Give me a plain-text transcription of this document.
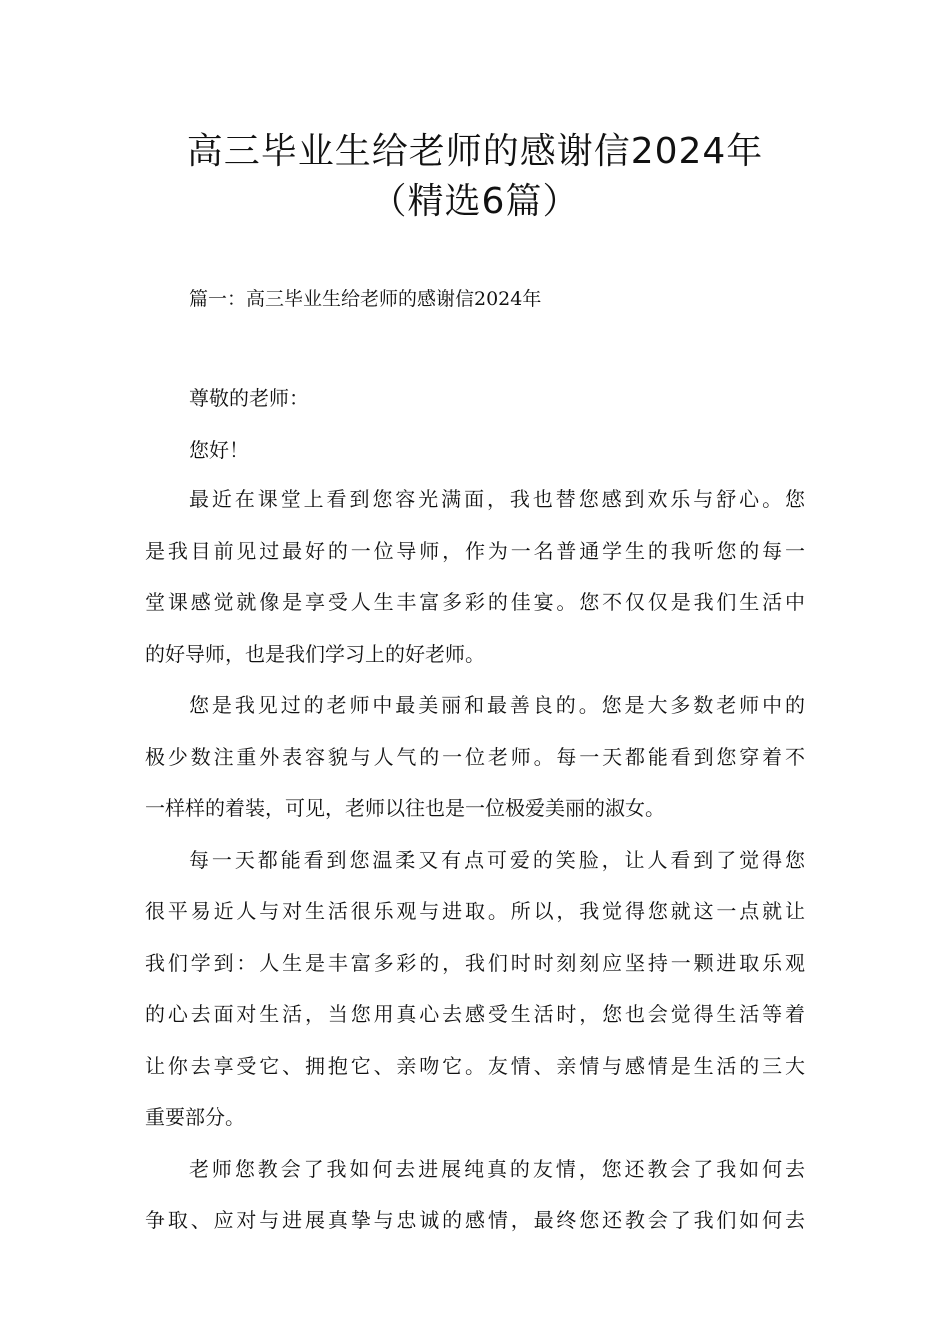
高三毕业生给老师的感谢信2024年
（精选6篇）
篇一：高三毕业生给老师的感谢信2024年
尊敬的老师：
您好！

最近在课堂上看到您容光满面，我也替您感到欢乐与舒心。您
是我目前见过最好的一位导师，作为一名普通学生的我听您的每一
堂课感觉就像是享受人生丰富多彩的佳宴。您不仅仅是我们生活中
的好导师，也是我们学习上的好老师。

您是我见过的老师中最美丽和最善良的。您是大多数老师中的
极少数注重外表容貌与人气的一位老师。每一天都能看到您穿着不
一样样的着装，可见，老师以往也是一位极爱美丽的淑女。

每一天都能看到您温柔又有点可爱的笑脸，让人看到了觉得您
很平易近人与对生活很乐观与进取。所以，我觉得您就这一点就让
我们学到：人生是丰富多彩的，我们时时刻刻应坚持一颗进取乐观
的心去面对生活，当您用真心去感受生活时，您也会觉得生活等着
让你去享受它、拥抱它、亲吻它。友情、亲情与感情是生活的三大
重要部分。

老师您教会了我如何去进展纯真的友情，您还教会了我如何去
争取、应对与进展真挚与忠诚的感情，最终您还教会了我们如何去
